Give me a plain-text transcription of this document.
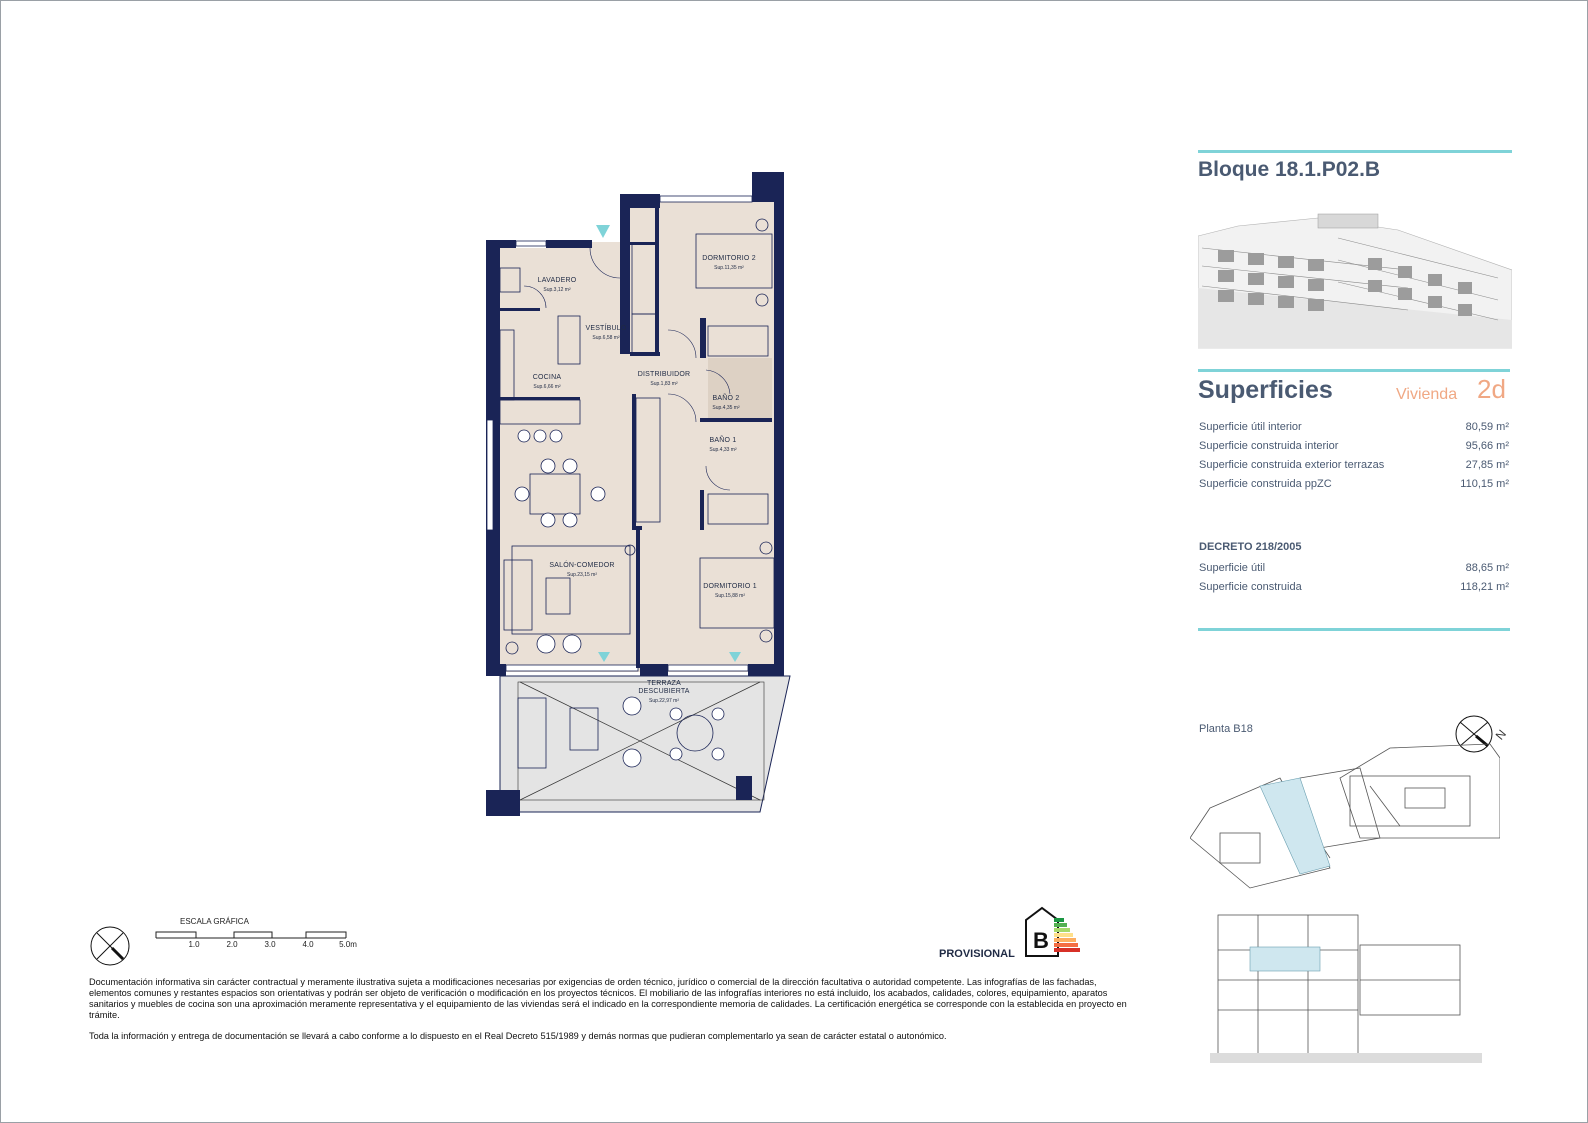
LAVADERO
Sup.3,12 m²
VESTÍBULO
Sup.6,58 m²
COCINA
Sup.6,66 m²
DISTRIBUIDOR
Sup.1,83 m²
DORMITORIO 2
Sup.11,35 m²
BAÑO 2
Sup.4,35 m²
BAÑO 1
Sup.4,33 m²
SALÓN-COMEDOR
Sup.23,15 m²
DORMITORIO 1
Sup.15,88 m²
TERRAZA
DESCUBIERTA
Sup.22,97 m²
Bloque 18.1.P02.B
Superficies	Vivienda 2d
Superficie útil interior	80,59 m²
Superficie construida interior	95,66 m²
Superficie construida exterior terrazas	27,85 m²
Superficie construida ppZC	110,15 m²
DECRETO 218/2005
Superficie útil	88,65 m²
Superficie construida	118,21 m²
Planta B18	N
ESCALA GRÁFICA
1.0	2.0	3.0	4.0	5.0m
PROVISIONAL
B
Documentación informativa sin carácter contractual y meramente ilustrativa sujeta a modificaciones necesarias por exigencias de orden técnico, jurídico o comercial de la dirección facultativa o autoridad competente. Las infografías de las fachadas, elementos comunes y restantes espacios son orientativas y podrán ser objeto de verificación o modificación en los proyectos técnicos. El mobiliario de las infografías interiores no está incluido, los acabados, calidades, colores, equipamiento, aparatos sanitarios y muebles de cocina son una aproximación meramente representativa y el equipamiento de las viviendas será el indicado en la correspondiente memoria de calidades. La certificación energética se corresponde con la establecida en proyecto en trámite.
Toda la información y entrega de documentación se llevará a cabo conforme a lo dispuesto en el Real Decreto 515/1989 y demás normas que pudieran complementarlo ya sean de carácter estatal o autonómico.
